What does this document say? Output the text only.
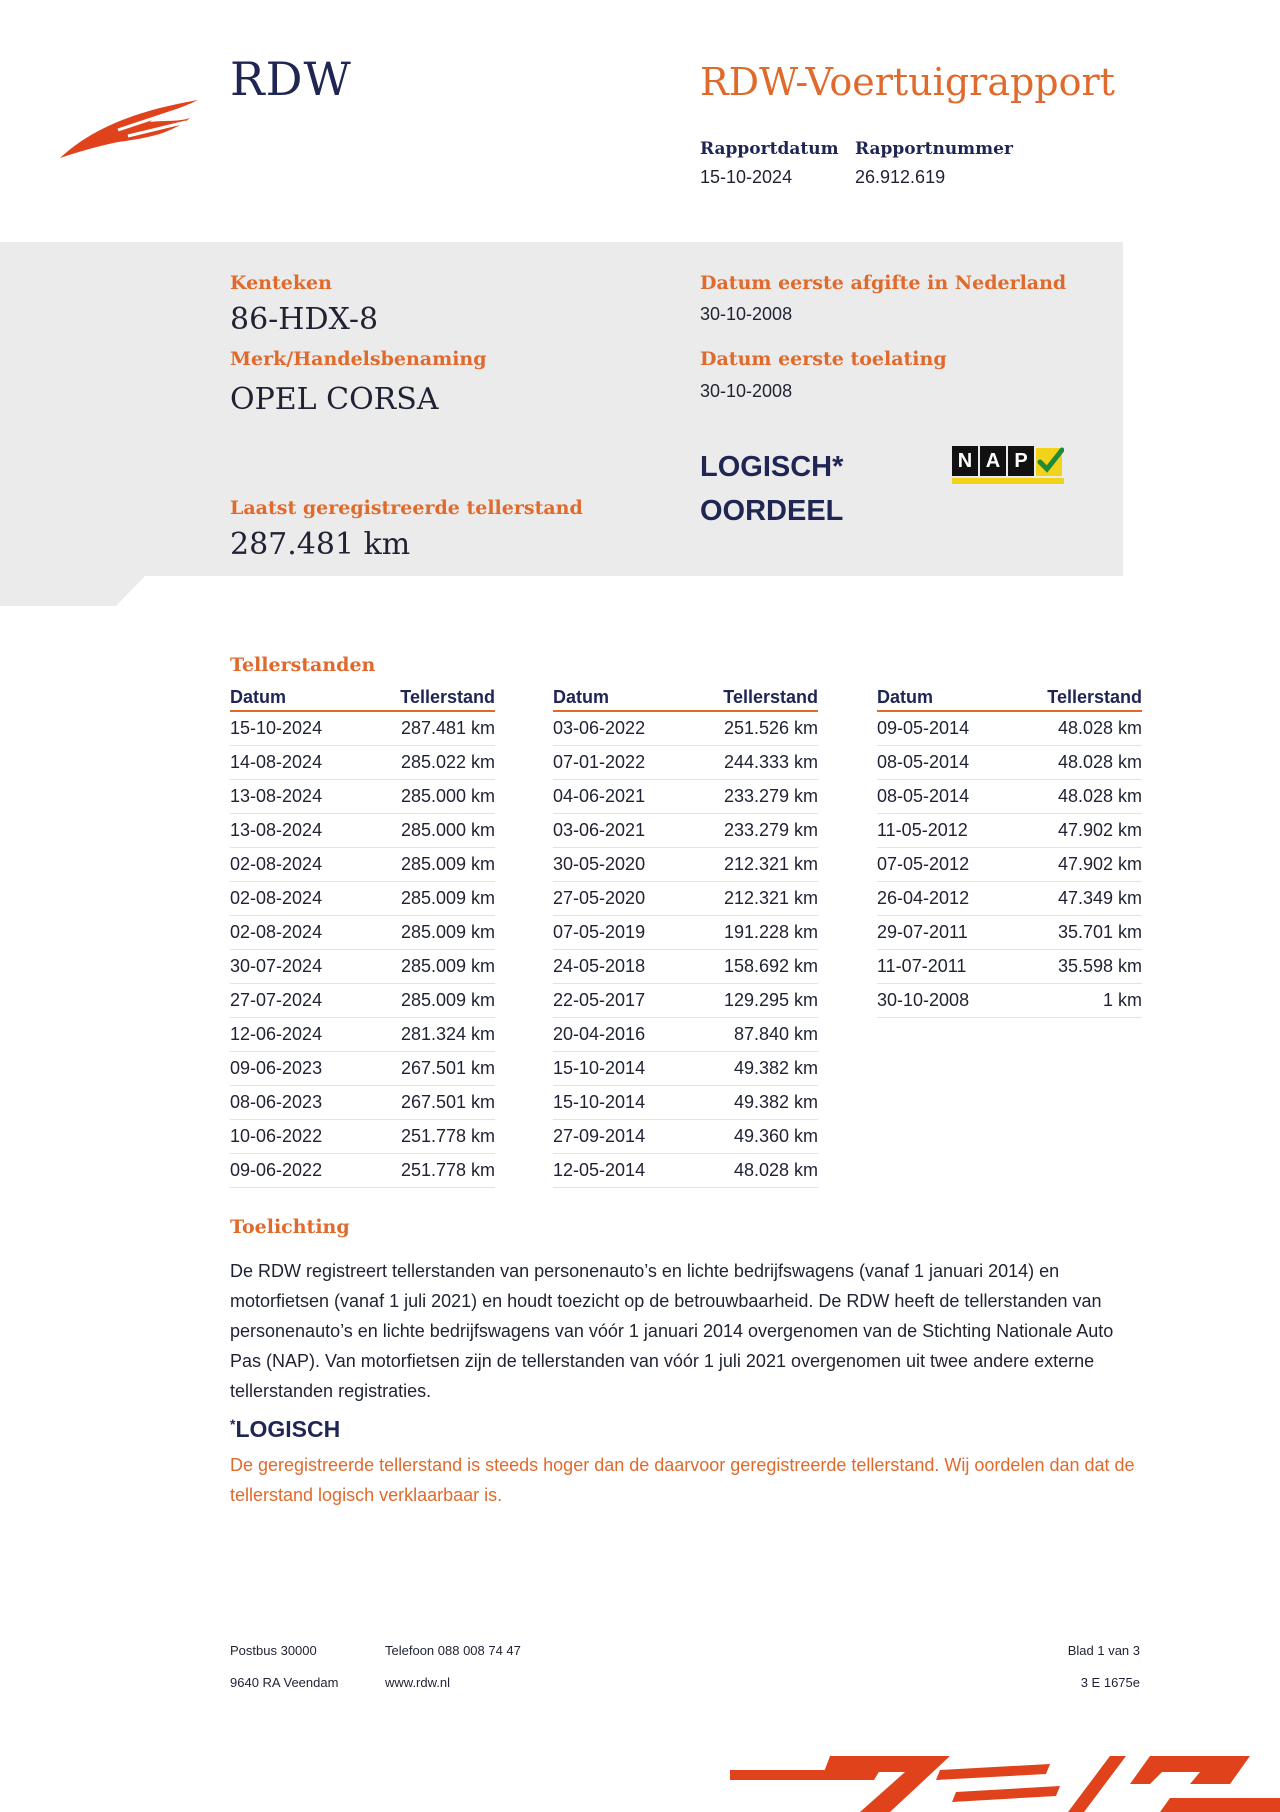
RDW	RDW-Voertuigrapport
Rapportdatum
15-10-2024
Rapportnummer
26.912.619
Kenteken
86-HDX-8
Merk/Handelsbenaming
OPEL CORSA
Laatst geregistreerde tellerstand
287.481 km
Datum eerste afgifte in Nederland
30-10-2008
Datum eerste toelating
30-10-2008
LOGISCH*
OORDEEL
N A P
Tellerstanden
Datum	Tellerstand
15-10-2024	287.481 km
14-08-2024	285.022 km
13-08-2024	285.000 km
13-08-2024	285.000 km
02-08-2024	285.009 km
02-08-2024	285.009 km
02-08-2024	285.009 km
30-07-2024	285.009 km
27-07-2024	285.009 km
12-06-2024	281.324 km
09-06-2023	267.501 km
08-06-2023	267.501 km
10-06-2022	251.778 km
09-06-2022	251.778 km
Datum	Tellerstand
03-06-2022	251.526 km
07-01-2022	244.333 km
04-06-2021	233.279 km
03-06-2021	233.279 km
30-05-2020	212.321 km
27-05-2020	212.321 km
07-05-2019	191.228 km
24-05-2018	158.692 km
22-05-2017	129.295 km
20-04-2016	87.840 km
15-10-2014	49.382 km
15-10-2014	49.382 km
27-09-2014	49.360 km
12-05-2014	48.028 km
Datum	Tellerstand
09-05-2014	48.028 km
08-05-2014	48.028 km
08-05-2014	48.028 km
11-05-2012	47.902 km
07-05-2012	47.902 km
26-04-2012	47.349 km
29-07-2011	35.701 km
11-07-2011	35.598 km
30-10-2008	1 km
Toelichting
De RDW registreert tellerstanden van personenauto’s en lichte bedrijfswagens (vanaf 1 januari 2014) en motorfietsen (vanaf 1 juli 2021) en houdt toezicht op de betrouwbaarheid. De RDW heeft de tellerstanden van personenauto’s en lichte bedrijfswagens van vóór 1 januari 2014 overgenomen van de Stichting Nationale Auto Pas (NAP). Van motorfietsen zijn de tellerstanden van vóór 1 juli 2021 overgenomen uit twee andere externe tellerstanden registraties.
*LOGISCH
De geregistreerde tellerstand is steeds hoger dan de daarvoor geregistreerde tellerstand. Wij oordelen dan dat de tellerstand logisch verklaarbaar is.
Postbus 30000
9640 RA Veendam
Telefoon 088 008 74 47
www.rdw.nl
Blad 1 van 3
3 E 1675e
